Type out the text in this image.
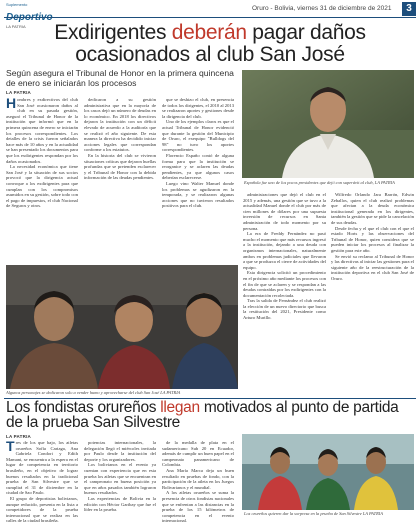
Suplemento
LA PATRIA
Oruro - Bolivia, viernes 31 de diciembre de 2021	3
Exdirigentes deberán pagar daños ocasionados al club San José
Según asegura el Tribunal de Honor en la primera quincena de enero se iniciarán los procesos
LA PATRIA
H ombres y exdirectivos del club San José ocasionaron daños al club en su pasada gestión, aseguró el Tribunal de Honor de la institución que informó que en la primera quincena de enero se iniciarán los procesos correspondientes. Los detalles de la crisis fueron señalados hace más de 10 años y en la actualidad se han presentado los documentos para que los exdirigentes respondan por los daños ocasionados.

La necesidad económica que tiene San José y la situación de sus socios provocó que la dirigencia actual convoque a los exdirigentes para que cumplan con los compromisos asumidos en su gestión, sobre todo con el pago de impuestos, el club Nacional de Seguros y otros.

dedicaron a su gestión administrativa que en la mayoría de los casos dejó un número de deudas en lo económico. En 2018 los directivos dejaron la institución con un déficit elevado de acuerdo a la auditoría que se realizó el año siguiente. De esta manera la directiva ha decidido iniciar acciones legales que correspondan conforme a los estatutos.

En la historia del club se vivieron situaciones críticas que dejaron huellas profundas que se pretenden esclarecer y el Tribunal de Honor con la debida información de las deudas pendientes.

que se deshizo el club, en presencia de todos los dirigentes, el 2010 al 2013 se realizaron aportes y gestiones desde la dirigencia del club.

Uno de los ejemplos claros es que el actual Tribunal de Honor evidenció que durante la gestión del Municipio de Oruro, el exequipo "Bulldogs del 98" no tuvo los aportes correspondientes.

Florencio Españo contó de alguna forma para que la institución se reorganice y se aclaren las deudas pendientes, ya que algunos casos deberían esclarecerse.

Luego vino Walter Manuel donde los problemas se agudizaron en la temporada, y se realizaron algunas acciones que no tuvieron resultados positivos para el club.

Española fue uno de los pocos presidentes que dejó con superávit al club, LA PATRIA

administraciones que dejó el club en el 2015 y además, una gestión que se tuvo a la actualidad Manuel donde el club por más de cien millones de dólares por una supuesta inversión de recursos en Santa administración de todo momento por su persona.

La era de Freddy Fernández no pasó mucho el momento que más recursos ingresó a la institución, dejando a una deuda con organismos internacionales, naturalmente ambos en problemas judiciales que llevaron a que se produzca el cierre de actividades del equipo.

Esta dirigencia solicitó un procedimiento en el próximo año mediante los procesos con el fin de que se aclaren y se respondan a las deudas contraídas por los exdirigentes con la documentación recolectada.

Tras la salida de Fernández el club realizó la elección de un nuevo directorio que busca la restitución del 2021, Presidente como Arturo Murillo.

Wilfredo Orlando Jara Barrón, Edwin Zeballos, quien el club realizó problemas que afectan a la deuda económica institucional generada en los dirigentes, también la gestión que se pide la cancelación de sus deudas.

Desde fecha y el que el club con el que el estado Horts y las observaciones del Tribunal de Honor, quien considera que se pueden iniciar los procesos al finalizar la gestión para este año.

Se envió su reclamo al Tribunal de Honor y las directivas al iniciar las gestiones para el siguiente año de la reestructuración de la institución deportiva en el club San José de Oruro.

Algunos personajes se dedicaron solo a vender humo y aprovecharse del club San José LA PATRIA
Los fondistas orureños llegan motivados al punto de partida de la prueba San Silvestre
LA PATRIA
T res de los que bajo, los atletas orureños Sofía Cariaga, Ana Gabriela Condori y Edith Mamani, se encuentra a la espera en el lugar de competencia en territorio brasileño, en el objetivo de lograr buenos resultados en la tradicional prueba de San Silvestre que se cumplirá el 31 de diciembre en la ciudad de Sao Paulo.

El grupo de deportistas bolivianos, aunque reducido, presenta en la lista a competidores de la prueba internacional que se realiza en las calles de la ciudad brasileña.

potencias internacionales, la delegación llegó el miércoles invitada por Paulo desde la institución del deporte y los organizadores.

Los bolivianos en el evento ya cuentan con experiencia que en esta prueba los atletas que se encuentran en el campeonato en buena posición ya que en años pasados también lograron buenos resultados.

Las experiencias de Bolivia en la edición con Héctor Garibay que fue el líder en la prueba.

de la medalla de plata en el sudamericano Sub 20 en Ecuador, además de cumplir un buen papel en el campeonato panamericano de Colombia.

Ana María Marca deja un buen resultado en pruebas de fondo, con la participación de la atleta en los Juegos Bolivarianos y el mundial.

A los atletas orureños se suma la presencia de otros fondistas nacionales que se enfrentan a las distancias en la prueba de los 15 kilómetros de competencia en el evento internacional.

Los orureños quieren dar la sorpresa en la prueba de San Silvestre LA PATRIA
